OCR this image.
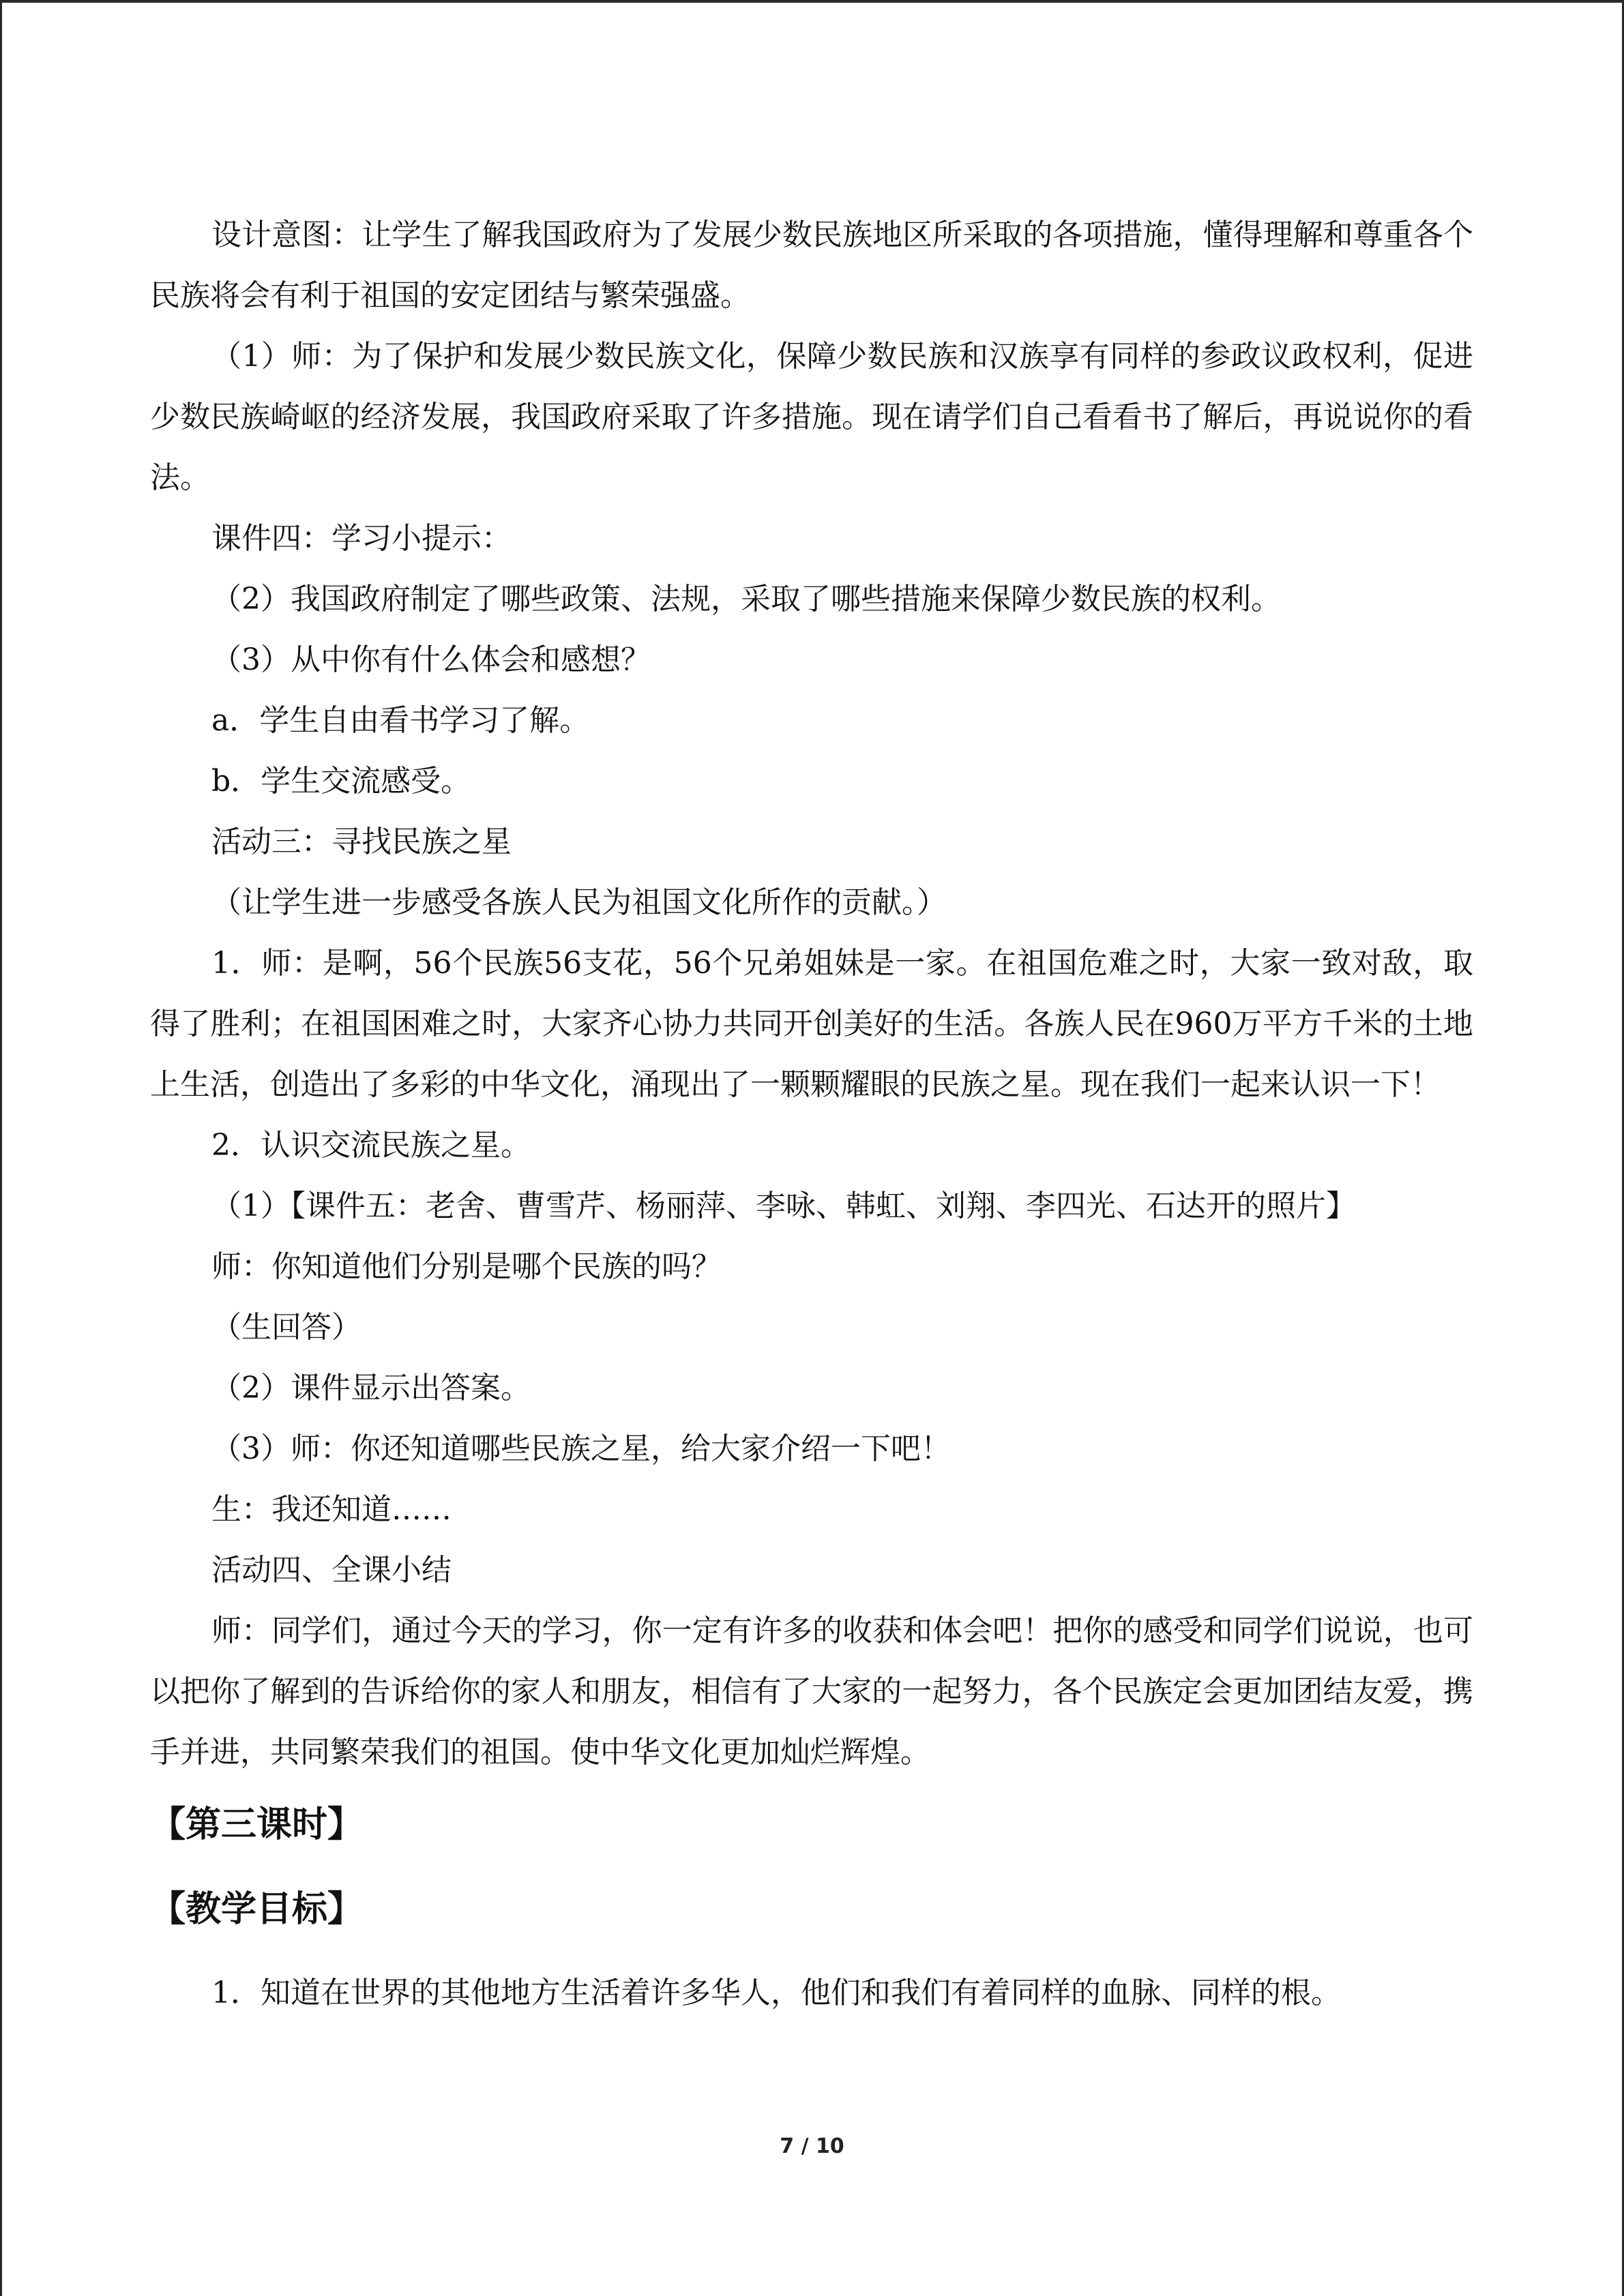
设计意图：让学生了解我国政府为了发展少数民族地区所采取的各项措施，懂得理解和尊重各个民族将会有利于祖国的安定团结与繁荣强盛。

（1）师：为了保护和发展少数民族文化，保障少数民族和汉族享有同样的参政议政权利，促进少数民族崎岖的经济发展，我国政府采取了许多措施。现在请学们自己看看书了解后，再说说你的看法。

课件四：学习小提示：

（2）我国政府制定了哪些政策、法规，采取了哪些措施来保障少数民族的权利。

（3）从中你有什么体会和感想？

a．学生自由看书学习了解。

b．学生交流感受。

活动三：寻找民族之星

（让学生进一步感受各族人民为祖国文化所作的贡献。）

1．师：是啊，56个民族56支花，56个兄弟姐妹是一家。在祖国危难之时，大家一致对敌，取得了胜利；在祖国困难之时，大家齐心协力共同开创美好的生活。各族人民在960万平方千米的土地上生活，创造出了多彩的中华文化，涌现出了一颗颗耀眼的民族之星。现在我们一起来认识一下！

2．认识交流民族之星。

（1）【课件五：老舍、曹雪芹、杨丽萍、李咏、韩虹、刘翔、李四光、石达开的照片】

师：你知道他们分别是哪个民族的吗？

（生回答）

（2）课件显示出答案。

（3）师：你还知道哪些民族之星，给大家介绍一下吧！

生：我还知道……

活动四、全课小结

师：同学们，通过今天的学习，你一定有许多的收获和体会吧！把你的感受和同学们说说，也可以把你了解到的告诉给你的家人和朋友，相信有了大家的一起努力，各个民族定会更加团结友爱，携手并进，共同繁荣我们的祖国。使中华文化更加灿烂辉煌。

【第三课时】

【教学目标】

1．知道在世界的其他地方生活着许多华人，他们和我们有着同样的血脉、同样的根。

7 / 10
